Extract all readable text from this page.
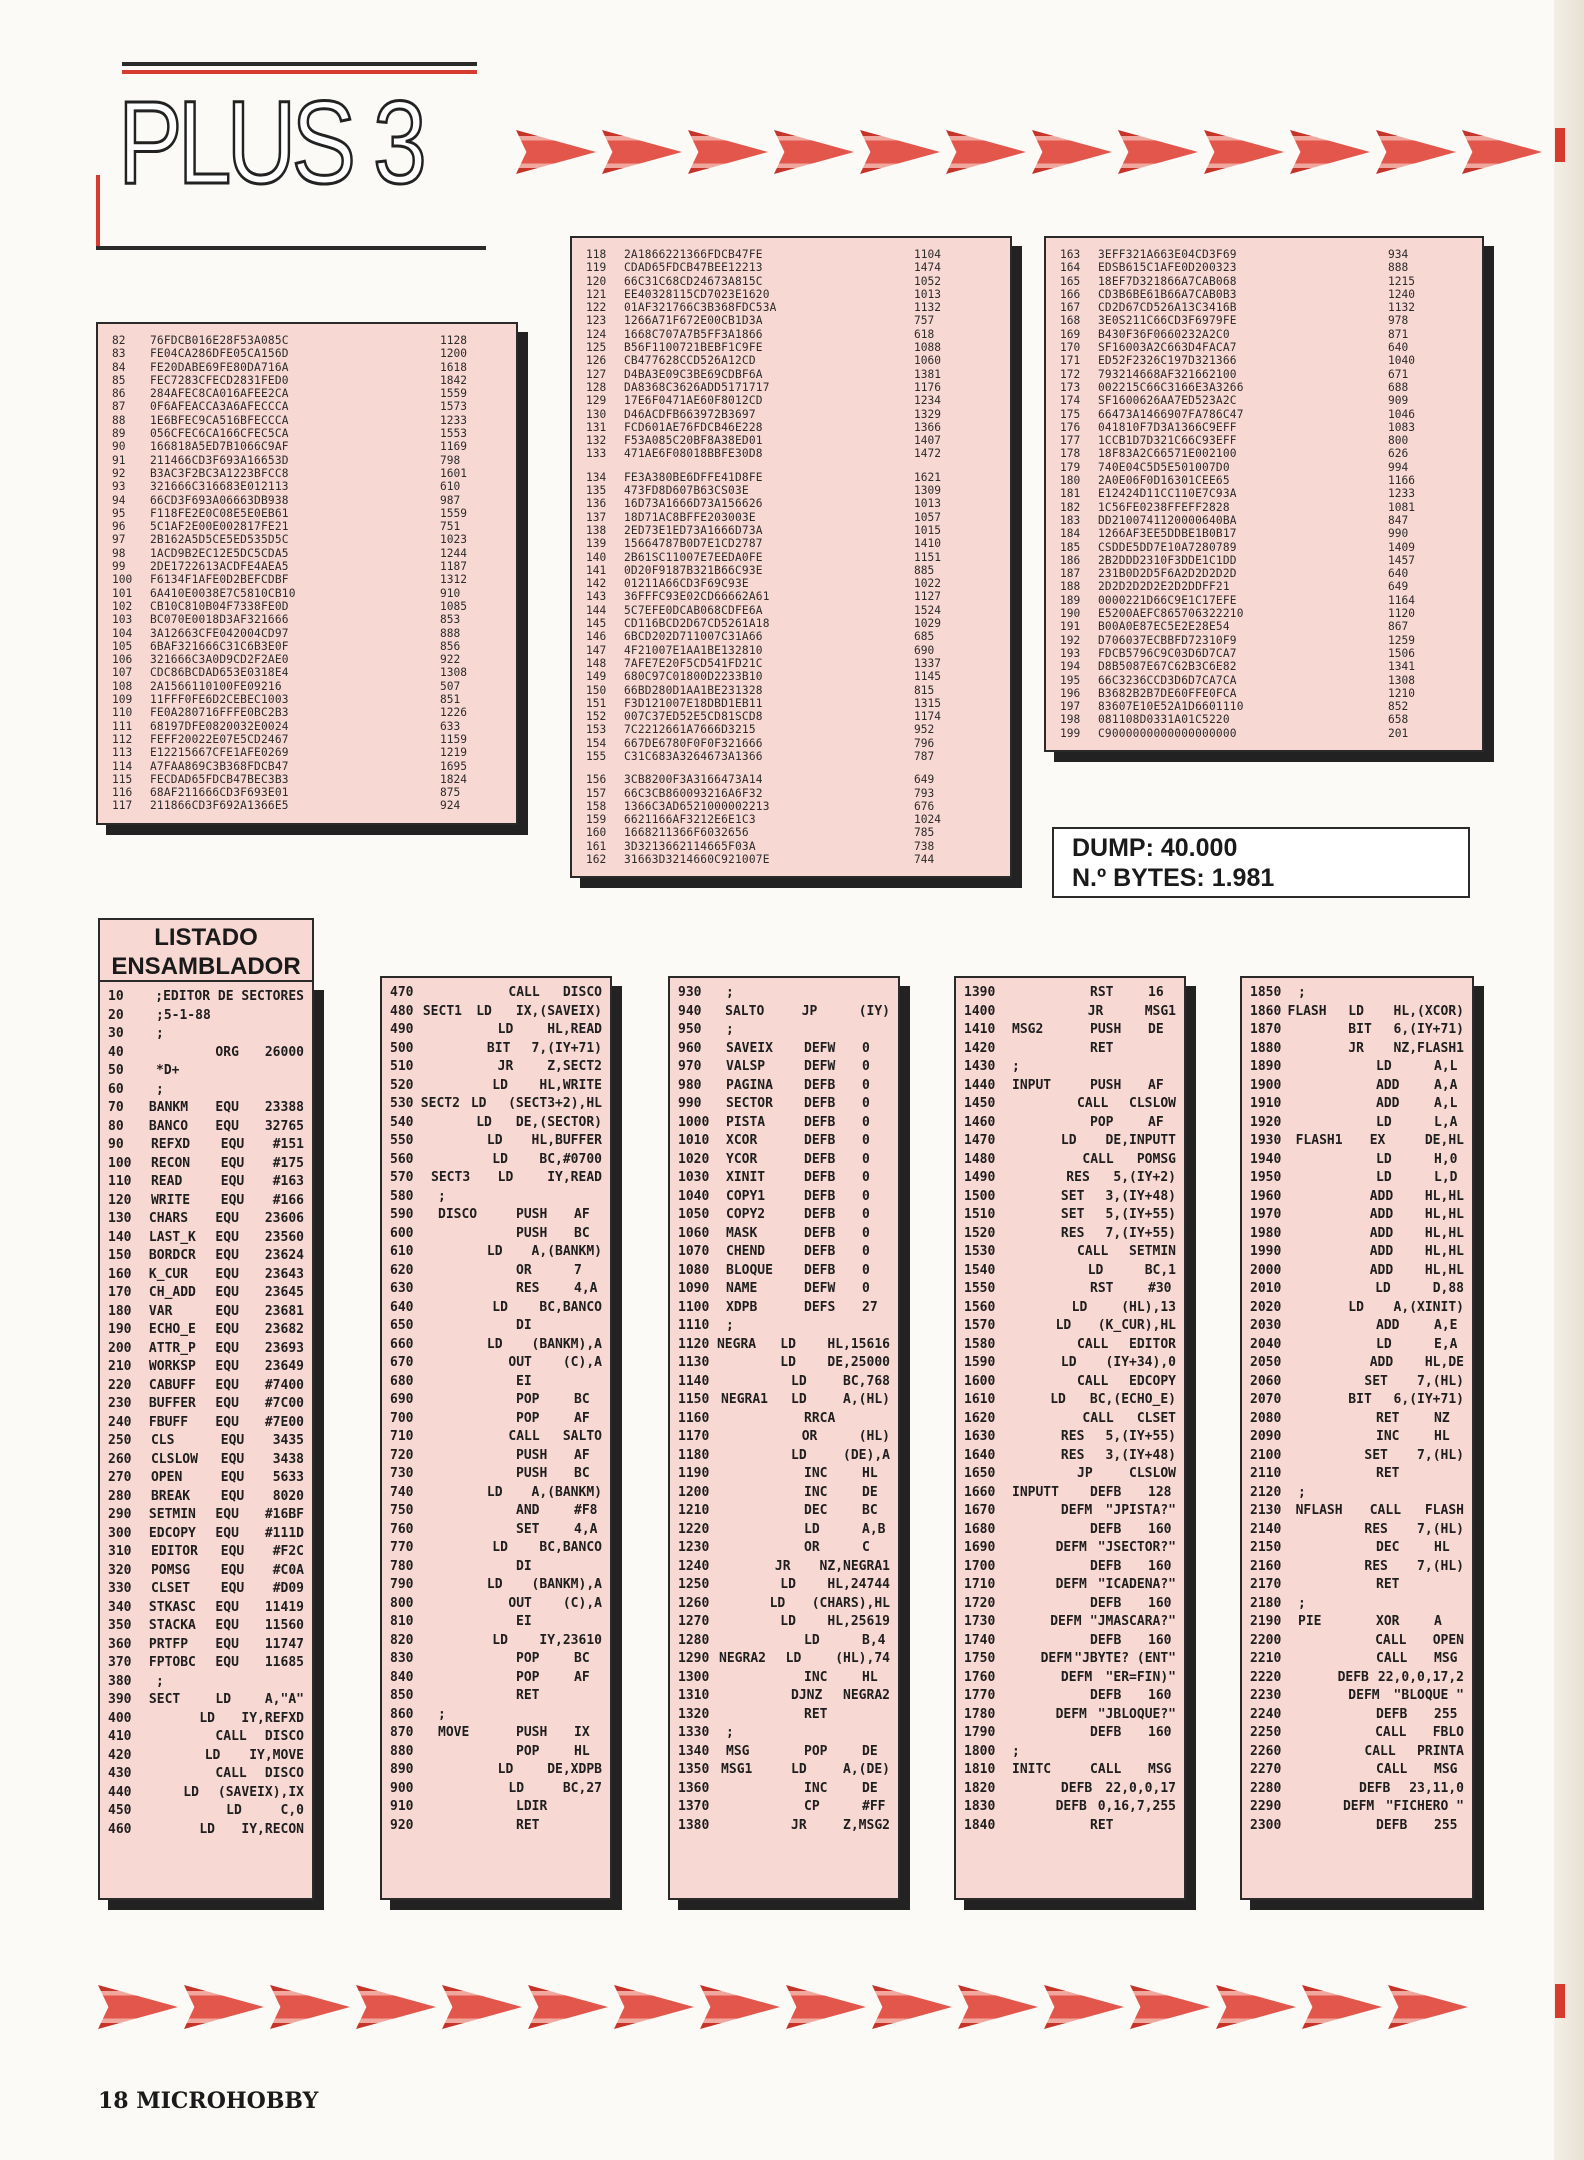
PLUS 3
82	76FDCB016E28F53A085C	1128
83	FE04CA286DFE05CA156D	1200
84	FE20DABE69FE80DA716A	1618
85	FEC7283CFECD2831FED0	1842
86	284AFEC8CA016AFEE2CA	1559
87	0F6AFEACCA3A6AFECCCA	1573
88	1E6BFEC9CA516BFECCCA	1233
89	056CFEC6CA166CFEC5CA	1553
90	166818A5ED7B1066C9AF	1169
91	211466CD3F693A16653D	798
92	B3AC3F2BC3A1223BFCC8	1601
93	321666C316683E012113	610
94	66CD3F693A06663DB938	987
95	F118FE2E0C08E5E0EB61	1559
96	5C1AF2E00E002817FE21	751
97	2B162A5D5CE5ED535D5C	1023
98	1ACD9B2EC12E5DC5CDA5	1244
99	2DE1722613ACDFE4AEA5	1187
100	F6134F1AFE0D2BEFCDBF	1312
101	6A410E0038E7C5810CB10	910
102	CB10C810B04F7338FE0D	1085
103	BC070E0018D3AF321666	853
104	3A12663CFE042004CD97	888
105	6BAF321666C31C6B3E0F	856
106	321666C3A0D9CD2F2AE0	922
107	CDC86BCDAD653E0318E4	1308
108	2A1566110100FE09216	507
109	11FFF0FE6D2CEBEC1003	851
110	FE0A280716FFFE0BC2B3	1226
111	68197DFE0820032E0024	633
112	FEFF20022E07E5CD2467	1159
113	E12215667CFE1AFE0269	1219
114	A7FAA869C3B368FDCB47	1695
115	FECDAD65FDCB47BEC3B3	1824
116	68AF211666CD3F693E01	875
117	211866CD3F692A1366E5	924
118	2A1866221366FDCB47FE	1104
119	CDAD65FDCB47BEE12213	1474
120	66C31C68CD24673A815C	1052
121	EE40328115CD7023E1620	1013
122	01AF321766C3B368FDC53A	1132
123	1266A71F672E00CB1D3A	757
124	1668C707A7B5FF3A1866	618
125	B56F1100721BEBF1C9FE	1088
126	CB477628CCD526A12CD	1060
127	D4BA3E09C3BE69CDBF6A	1381
128	DA8368C3626ADD5171717	1176
129	17E6F0471AE60F8012CD	1234
130	D46ACDFB663972B3697	1329
131	FCD601AE76FDCB46E228	1366
132	F53A085C20BF8A38ED01	1407
133	471AE6F08018BBFE30D8	1472
134	FE3A380BE6DFFE41D8FE	1621
135	473FD8D607B63CS03E	1309
136	16D73A1666D73A156626	1013
137	18D71AC8BFFE203003E	1057
138	2ED73E1ED73A1666D73A	1015
139	15664787B0D7E1CD2787	1410
140	2B61SC11007E7EEDA0FE	1151
141	0D20F9187B321B66C93E	885
142	01211A66CD3F69C93E	1022
143	36FFFC93E02CD66662A61	1127
144	5C7EFE0DCAB068CDFE6A	1524
145	CD116BCD2D67CD5261A18	1029
146	6BCD202D711007C31A66	685
147	4F21007E1AA1BE132810	690
148	7AFE7E20F5CD541FD21C	1337
149	680C97C01800D2233B10	1145
150	66BD280D1AA1BE231328	815
151	F3D121007E18DBD1EB11	1315
152	007C37ED52E5CD81SCD8	1174
153	7C2212661A7666D3215	952
154	667DE6780F0F0F321666	796
155	C31C683A3264673A1366	787
156	3CB8200F3A3166473A14	649
157	66C3CB860093216A6F32	793
158	1366C3AD6521000002213	676
159	6621166AF3212E6E1C3	1024
160	1668211366F6032656	785
161	3D3213662114665F03A	738
162	31663D3214660C921007E	744
163	3EFF321A663E04CD3F69	934
164	EDSB615C1AFE0D200323	888
165	18EF7D321866A7CAB068	1215
166	CD3B6BE61B66A7CAB0B3	1240
167	CD2D67CD526A13C3416B	1132
168	3E0S211C66CD3F6979FE	978
169	B430F36F0660232A2C0	871
170	SF16003A2C663D4FACA7	640
171	ED52F2326C197D321366	1040
172	793214668AF321662100	671
173	002215C66C3166E3A3266	688
174	SF1600626AA7ED523A2C	909
175	66473A1466907FA786C47	1046
176	041810F7D3A1366C9EFF	1083
177	1CCB1D7D321C66C93EFF	800
178	18F83A2C66571E002100	626
179	740E04C5D5E501007D0	994
180	2A0E06F0D16301CEE65	1166
181	E12424D11CC110E7C93A	1233
182	1C56FE0238FFEFF2828	1081
183	DD2100741120000640BA	847
184	1266AF3EE5DDBE1B0B17	990
185	CSDDE5DD7E10A7280789	1409
186	2B2DDD2310F3DDE1C1DD	1457
187	231B0D2D5F6A2D2D2D2D	640
188	2D2D2D2D2E2D2DDFF21	649
189	0000221D66C9E1C17EFE	1164
190	E5200AEFC865706322210	1120
191	B00A0E87EC5E2E28E54	867
192	D706037ECBBFD72310F9	1259
193	FDCB5796C9C03D6D7CA7	1506
194	D8B5087E67C62B3C6E82	1341
195	66C3236CCD3D6D7CA7CA	1308
196	B3682B2B7DE60FFE0FCA	1210
197	83607E10E52A1D6601110	852
198	081108D0331A01C5220	658
199	C9000000000000000000	201
DUMP: 40.000
N.º BYTES: 1.981
LISTADO
ENSAMBLADOR
10	;EDITOR DE SECTORES
20	;5-1-88
30	;
40	ORG	26000
50	*D+
60	;
70	BANKM	EQU	23388
80	BANCO	EQU	32765
90	REFXD	EQU	#151
100	RECON	EQU	#175
110	READ	EQU	#163
120	WRITE	EQU	#166
130	CHARS	EQU	23606
140	LAST_K	EQU	23560
150	BORDCR	EQU	23624
160	K_CUR	EQU	23643
170	CH_ADD	EQU	23645
180	VAR	EQU	23681
190	ECHO_E	EQU	23682
200	ATTR_P	EQU	23693
210	WORKSP	EQU	23649
220	CABUFF	EQU	#7400
230	BUFFER	EQU	#7C00
240	FBUFF	EQU	#7E00
250	CLS	EQU	3435
260	CLSLOW	EQU	3438
270	OPEN	EQU	5633
280	BREAK	EQU	8020
290	SETMIN	EQU	#16BF
300	EDCOPY	EQU	#111D
310	EDITOR	EQU	#F2C
320	POMSG	EQU	#C0A
330	CLSET	EQU	#D09
340	STKASC	EQU	11419
350	STACKA	EQU	11560
360	PRTFP	EQU	11747
370	FPTOBC	EQU	11685
380	;
390	SECT	LD	A,"A"
400	LD	IY,REFXD
410	CALL	DISCO
420	LD	IY,MOVE
430	CALL	DISCO
440	LD	(SAVEIX),IX
450	LD	C,0
460	LD	IY,RECON
470	CALL	DISCO
480 SECT1	LD	IX,(SAVEIX)
490	LD	HL,READ
500	BIT	7,(IY+71)
510	JR	Z,SECT2
520	LD	HL,WRITE
530 SECT2 LD	(SECT3+2),HL
540	LD	DE,(SECTOR)
550	LD	HL,BUFFER
560	LD	BC,#0700
570	SECT3	LD	IY,READ
580	;
590	DISCO	PUSH	AF
600	PUSH	BC
610	LD	A,(BANKM)
620	OR	7
630	RES	4,A
640	LD	BC,BANCO
650	DI
660	LD	(BANKM),A
670	OUT	(C),A
680	EI
690	POP	BC
700	POP	AF
710	CALL	SALTO
720	PUSH	AF
730	PUSH	BC
740	LD	A,(BANKM)
750	AND	#F8
760	SET	4,A
770	LD	BC,BANCO
780	DI
790	LD	(BANKM),A
800	OUT	(C),A
810	EI
820	LD	IY,23610
830	POP	BC
840	POP	AF
850	RET
860	;
870	MOVE	PUSH	IX
880	POP	HL
890	LD	DE,XDPB
900	LD	BC,27
910	LDIR
920	RET
930	;
940	SALTO	JP	(IY)
950	;
960	SAVEIX	DEFW	0
970	VALSP	DEFW	0
980	PAGINA	DEFB	0
990	SECTOR	DEFB	0
1000	PISTA	DEFB	0
1010	XCOR	DEFB	0
1020	YCOR	DEFB	0
1030	XINIT	DEFB	0
1040	COPY1	DEFB	0
1050	COPY2	DEFB	0
1060	MASK	DEFB	0
1070	CHEND	DEFB	0
1080	BLOQUE	DEFB	0
1090	NAME	DEFW	0
1100	XDPB	DEFS	27
1110	;
1120 NEGRA	LD	HL,15616
1130	LD	DE,25000
1140	LD	BC,768
1150 NEGRA1	LD	A,(HL)
1160	RRCA
1170	OR	(HL)
1180	LD	(DE),A
1190	INC	HL
1200	INC	DE
1210	DEC	BC
1220	LD	A,B
1230	OR	C
1240	JR	NZ,NEGRA1
1250	LD	HL,24744
1260	LD	(CHARS),HL
1270	LD	HL,25619
1280	LD	B,4
1290 NEGRA2	LD	(HL),74
1300	INC	HL
1310	DJNZ	NEGRA2
1320	RET
1330	;
1340	MSG	POP	DE
1350 MSG1	LD	A,(DE)
1360	INC	DE
1370	CP	#FF
1380	JR	Z,MSG2
1390	RST	16
1400	JR	MSG1
1410	MSG2	PUSH	DE
1420	RET
1430	;
1440	INPUT	PUSH	AF
1450	CALL	CLSLOW
1460	POP	AF
1470	LD	DE,INPUTT
1480	CALL	POMSG
1490	RES	5,(IY+2)
1500	SET	3,(IY+48)
1510	SET	5,(IY+55)
1520	RES	7,(IY+55)
1530	CALL	SETMIN
1540	LD	BC,1
1550	RST	#30
1560	LD	(HL),13
1570	LD	(K_CUR),HL
1580	CALL	EDITOR
1590	LD	(IY+34),0
1600	CALL	EDCOPY
1610	LD	BC,(ECHO_E)
1620	CALL	CLSET
1630	RES	5,(IY+55)
1640	RES	3,(IY+48)
1650	JP	CLSLOW
1660	INPUTT	DEFB	128
1670	DEFM	"JPISTA?"
1680	DEFB	160
1690	DEFM "JSECTOR?"
1700	DEFB	160
1710	DEFM "ICADENA?"
1720	DEFB	160
1730	DEFM "JMASCARA?"
1740	DEFB	160
1750	DEFM "JBYTE? (ENT"
1760	DEFM	"ER=FIN)"
1770	DEFB	160
1780	DEFM "JBLOQUE?"
1790	DEFB	160
1800	;
1810	INITC	CALL	MSG
1820	DEFB	22,0,0,17
1830	DEFB 0,16,7,255
1840	RET
1850	;
1860 FLASH	LD	HL,(XCOR)
1870	BIT	6,(IY+71)
1880	JR	NZ,FLASH1
1890	LD	A,L
1900	ADD	A,A
1910	ADD	A,L
1920	LD	L,A
1930	FLASH1	EX	DE,HL
1940	LD	H,0
1950	LD	L,D
1960	ADD	HL,HL
1970	ADD	HL,HL
1980	ADD	HL,HL
1990	ADD	HL,HL
2000	ADD	HL,HL
2010	LD	D,88
2020	LD	A,(XINIT)
2030	ADD	A,E
2040	LD	E,A
2050	ADD	HL,DE
2060	SET	7,(HL)
2070	BIT	6,(IY+71)
2080	RET	NZ
2090	INC	HL
2100	SET	7,(HL)
2110	RET
2120	;
2130	NFLASH	CALL	FLASH
2140	RES	7,(HL)
2150	DEC	HL
2160	RES	7,(HL)
2170	RET
2180	;
2190	PIE	XOR	A
2200	CALL	OPEN
2210	CALL	MSG
2220	DEFB 22,0,0,17,2
2230	DEFM	"BLOQUE "
2240	DEFB	255
2250	CALL	FBLO
2260	CALL	PRINTA
2270	CALL	MSG
2280	DEFB	23,11,0
2290	DEFM "FICHERO "
2300	DEFB	255
18 MICROHOBBY
